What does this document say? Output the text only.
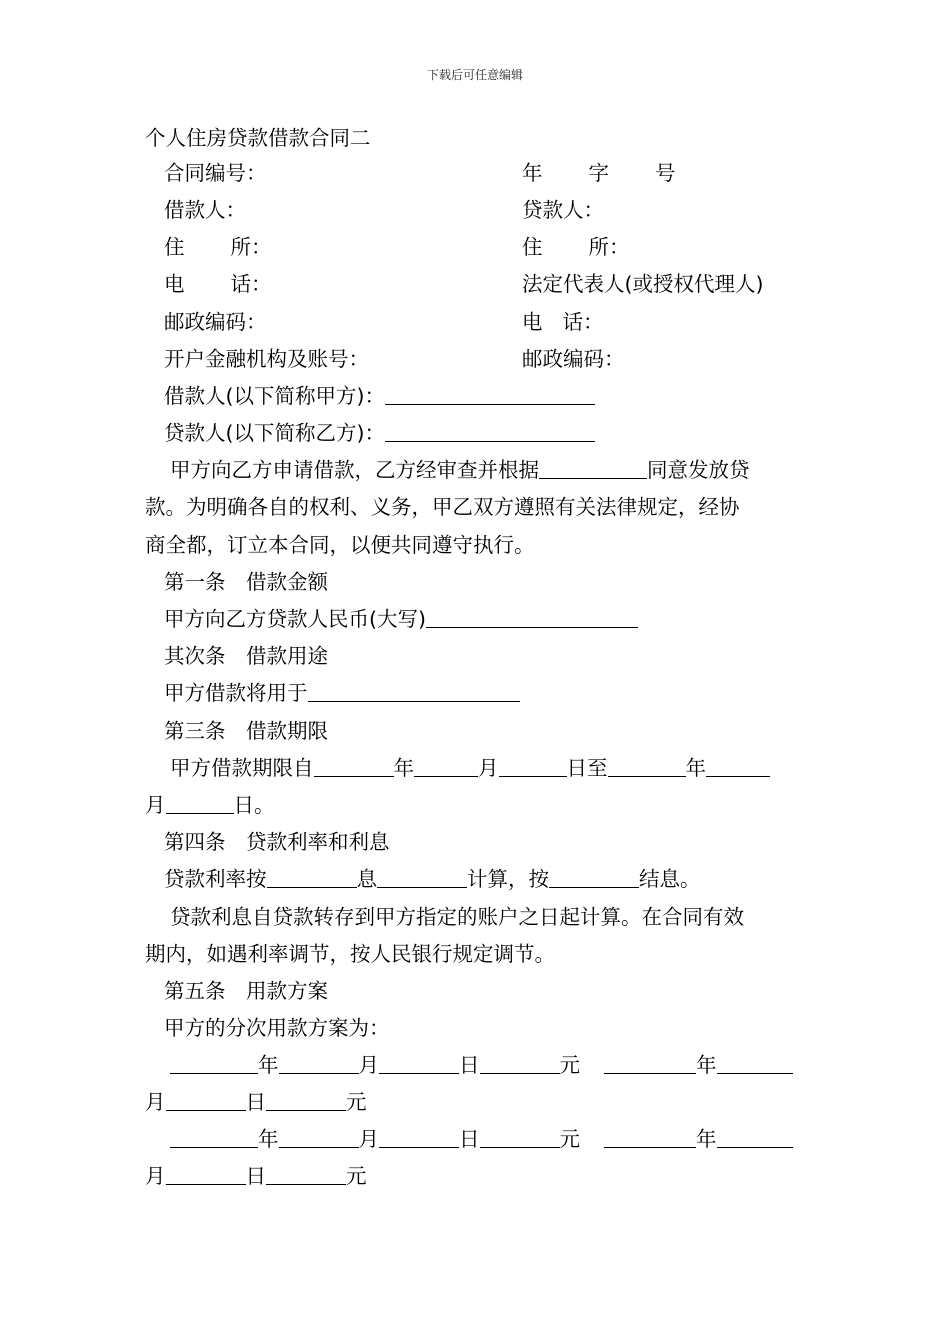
下载后可任意编辑
个人住房贷款借款合同二
合同编号：	年 字 号
借款人：	贷款人：
住 所：	住 所：
电 话：	法定代表人(或授权代理人)
邮政编码：	电 话：
开户金融机构及账号：	邮政编码：
借款人(以下简称甲方)：
贷款人(以下简称乙方)：
甲方向乙方申请借款，乙方经审查并根据	同意发放贷
款。为明确各自的权利、义务，甲乙双方遵照有关法律规定，经协
商全都，订立本合同，以便共同遵守执行。
第一条　借款金额
甲方向乙方贷款人民币(大写)
其次条　借款用途
甲方借款将用于
第三条　借款期限
甲方借款期限自	年	月	日至	年
月	日。
第四条　贷款利率和利息
贷款利率按	息	计算，按	结息。
贷款利息自贷款转存到甲方指定的账户之日起计算。在合同有效
期内，如遇利率调节，按人民银行规定调节。
第五条　用款方案
甲方的分次用款方案为：
年	月	日	元	年
月	日	元
年	月	日	元	年
月	日	元
